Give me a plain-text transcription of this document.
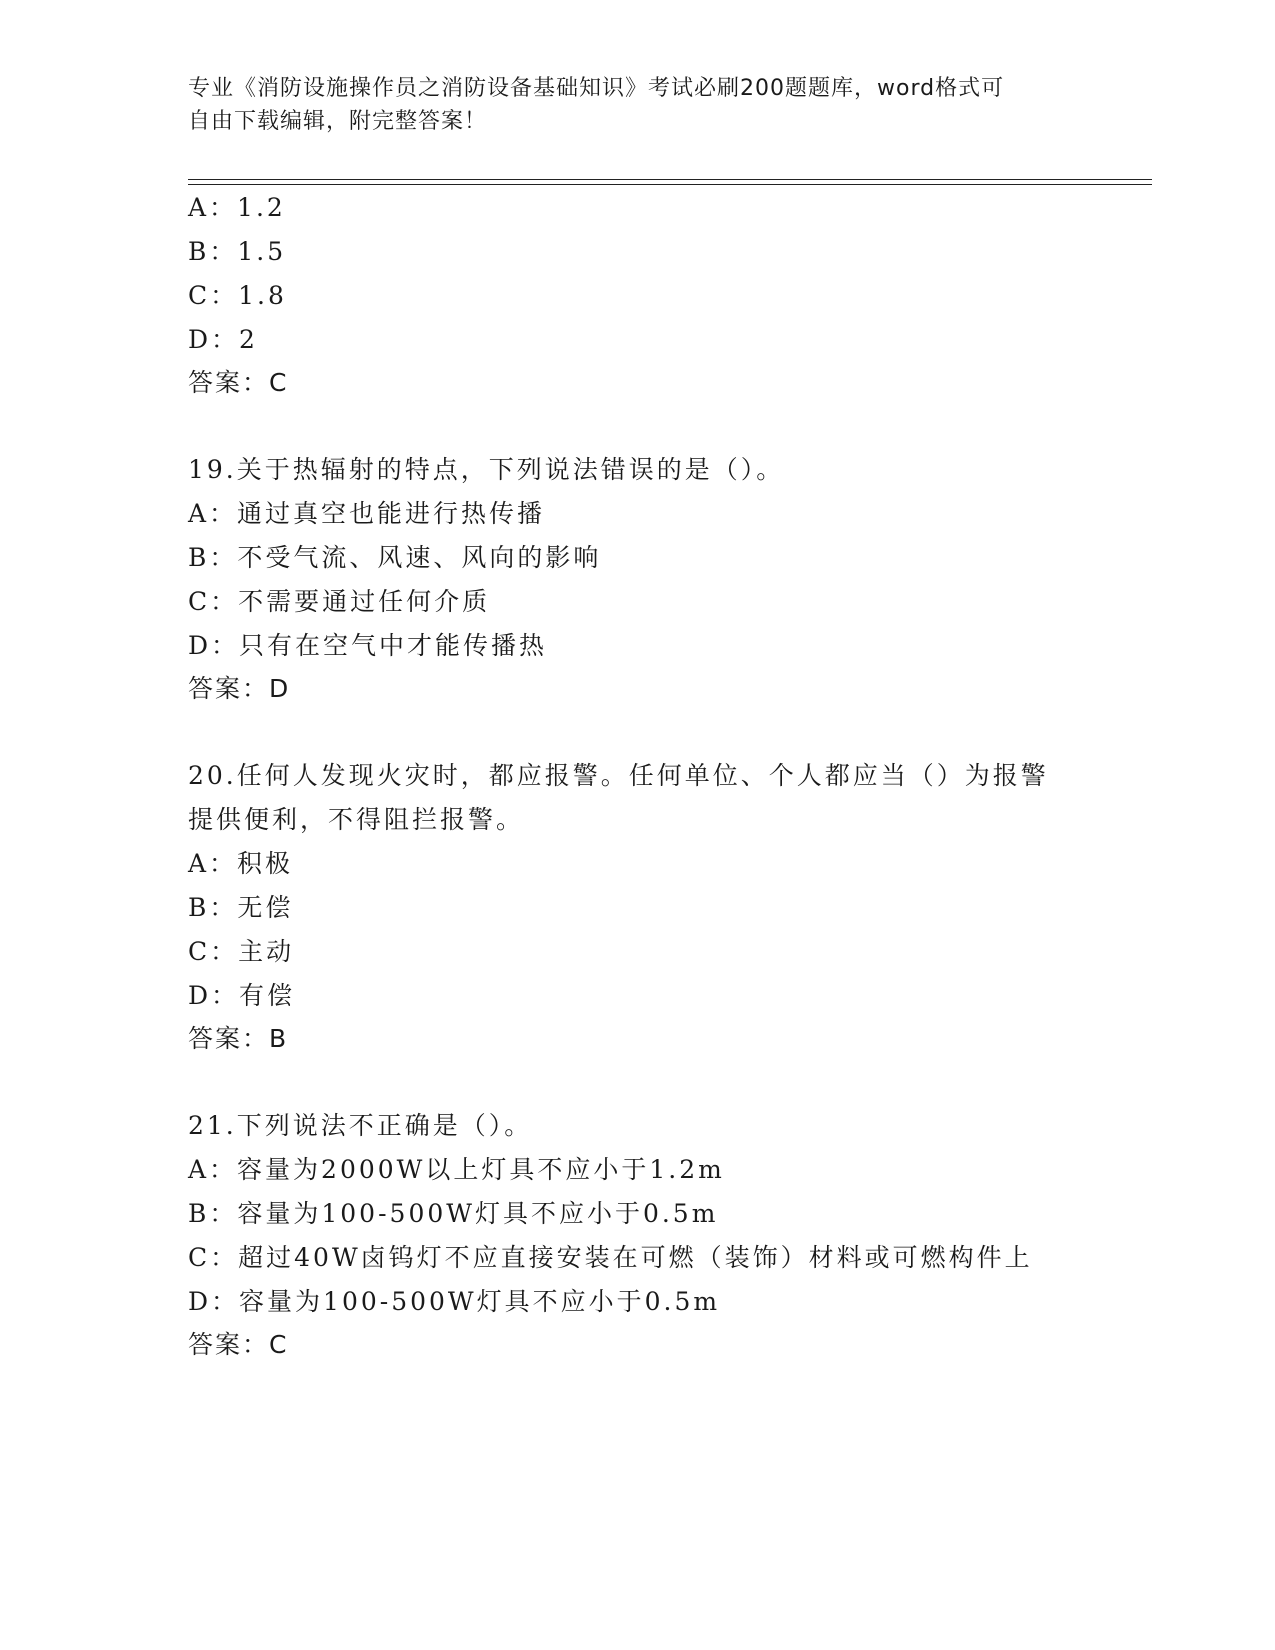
专业《消防设施操作员之消防设备基础知识》考试必刷200题题库，word格式可
自由下载编辑，附完整答案！
A：1.2
B：1.5
C：1.8
D：2
答案：C
19.关于热辐射的特点，下列说法错误的是（）。
A：通过真空也能进行热传播
B：不受气流、风速、风向的影响
C：不需要通过任何介质
D：只有在空气中才能传播热
答案：D
20.任何人发现火灾时，都应报警。任何单位、个人都应当（）为报警
提供便利，不得阻拦报警。
A：积极
B：无偿
C：主动
D：有偿
答案：B
21.下列说法不正确是（）。
A：容量为2000W以上灯具不应小于1.2m
B：容量为100-500W灯具不应小于0.5m
C：超过40W卤钨灯不应直接安装在可燃（装饰）材料或可燃构件上
D：容量为100-500W灯具不应小于0.5m
答案：C
